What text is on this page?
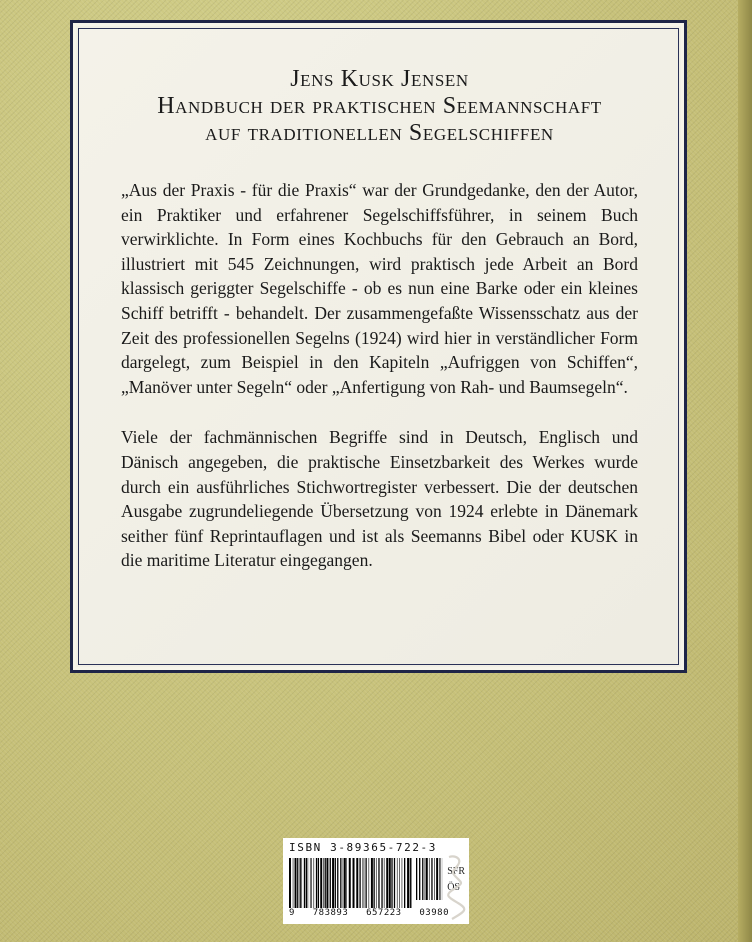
Jens Kusk Jensen
Handbuch der praktischen Seemannschaft
auf traditionellen Segelschiffen

„Aus der Praxis - für die Praxis“ war der Grundgedanke, den der Autor, ein Praktiker und erfahrener Segelschiffsführer, in seinem Buch verwirklichte. In Form eines Kochbuchs für den Gebrauch an Bord, illustriert mit 545 Zeichnungen, wird praktisch jede Arbeit an Bord klassisch geriggter Segelschiffe - ob es nun eine Barke oder ein kleines Schiff betrifft - behandelt. Der zusammengefaßte Wissensschatz aus der Zeit des professionellen Segelns (1924) wird hier in verständlicher Form dargelegt, zum Beispiel in den Kapiteln „Aufriggen von Schiffen“, „Manöver unter Segeln“ oder „Anfertigung von Rah- und Baumsegeln“.

Viele der fachmännischen Begriffe sind in Deutsch, Englisch und Dänisch angegeben, die praktische Einsetzbarkeit des Werkes wurde durch ein ausführliches Stichwortregister verbessert. Die der deutschen Ausgabe zugrundeliegende Übersetzung von 1924 erlebte in Dänemark seither fünf Reprintauflagen und ist als Seemanns Bibel oder KUSK in die maritime Literatur eingegangen.

ISBN 3-89365-722-3
SFR
ÖS
9 783893 657223 03980
